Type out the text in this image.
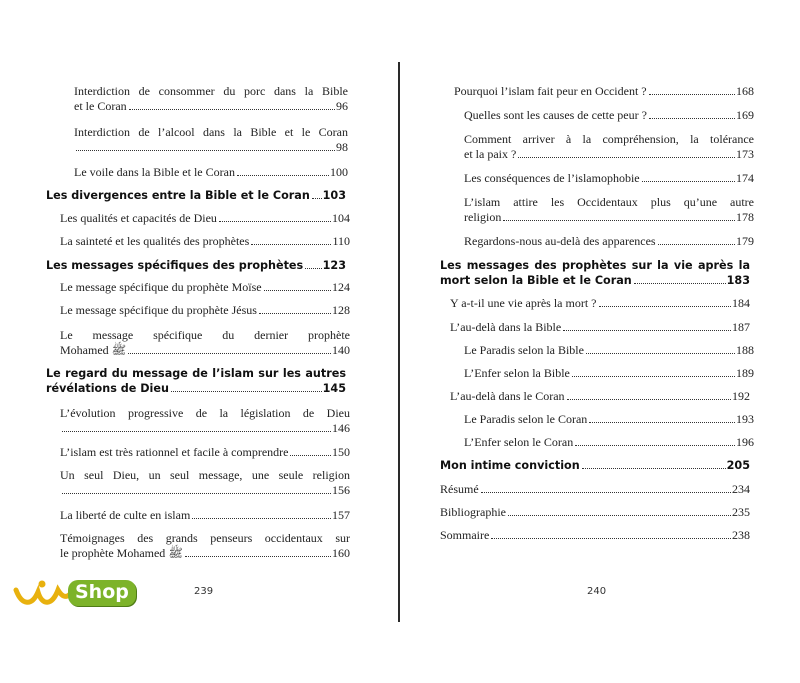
Interdiction de consommer du porc dans la Bible
et le Coran	96
Interdiction de l’alcool dans la Bible et le Coran
98
Le voile dans la Bible et le Coran	100
Les divergences entre la Bible et le Coran 103
Les qualités et capacités de Dieu	104
La sainteté et les qualités des prophètes	110
Les messages spécifiques des prophètes 123
Le message spécifique du prophète Moïse	124
Le message spécifique du prophète Jésus	128
Le message spécifique du dernier prophète
Mohamed ﷺ	140
Le regard du message de l’islam sur les autres
révélations de Dieu	145
L’évolution progressive de la législation de Dieu
146
L’islam est très rationnel et facile à comprendre	150
Un seul Dieu, un seul message, une seule religion
156
La liberté de culte en islam	157
Témoignages des grands penseurs occidentaux sur
le prophète Mohamed ﷺ	160
Pourquoi l’islam fait peur en Occident ?	168
Quelles sont les causes de cette peur ?	169
Comment arriver à la compréhension, la tolérance
et la paix ?	173
Les conséquences de l’islamophobie	174
L’islam attire les Occidentaux plus qu’une autre
religion	178
Regardons-nous au-delà des apparences	179
Les messages des prophètes sur la vie après la
mort selon la Bible et le Coran	183
Y a-t-il une vie après la mort ?	184
L’au-delà dans la Bible	187
Le Paradis selon la Bible	188
L’Enfer selon la Bible	189
L’au-delà dans le Coran	192
Le Paradis selon le Coran	193
L’Enfer selon le Coran	196
Mon intime conviction	205
Résumé	234
Bibliographie	235
Sommaire	238
239	240
Shop
